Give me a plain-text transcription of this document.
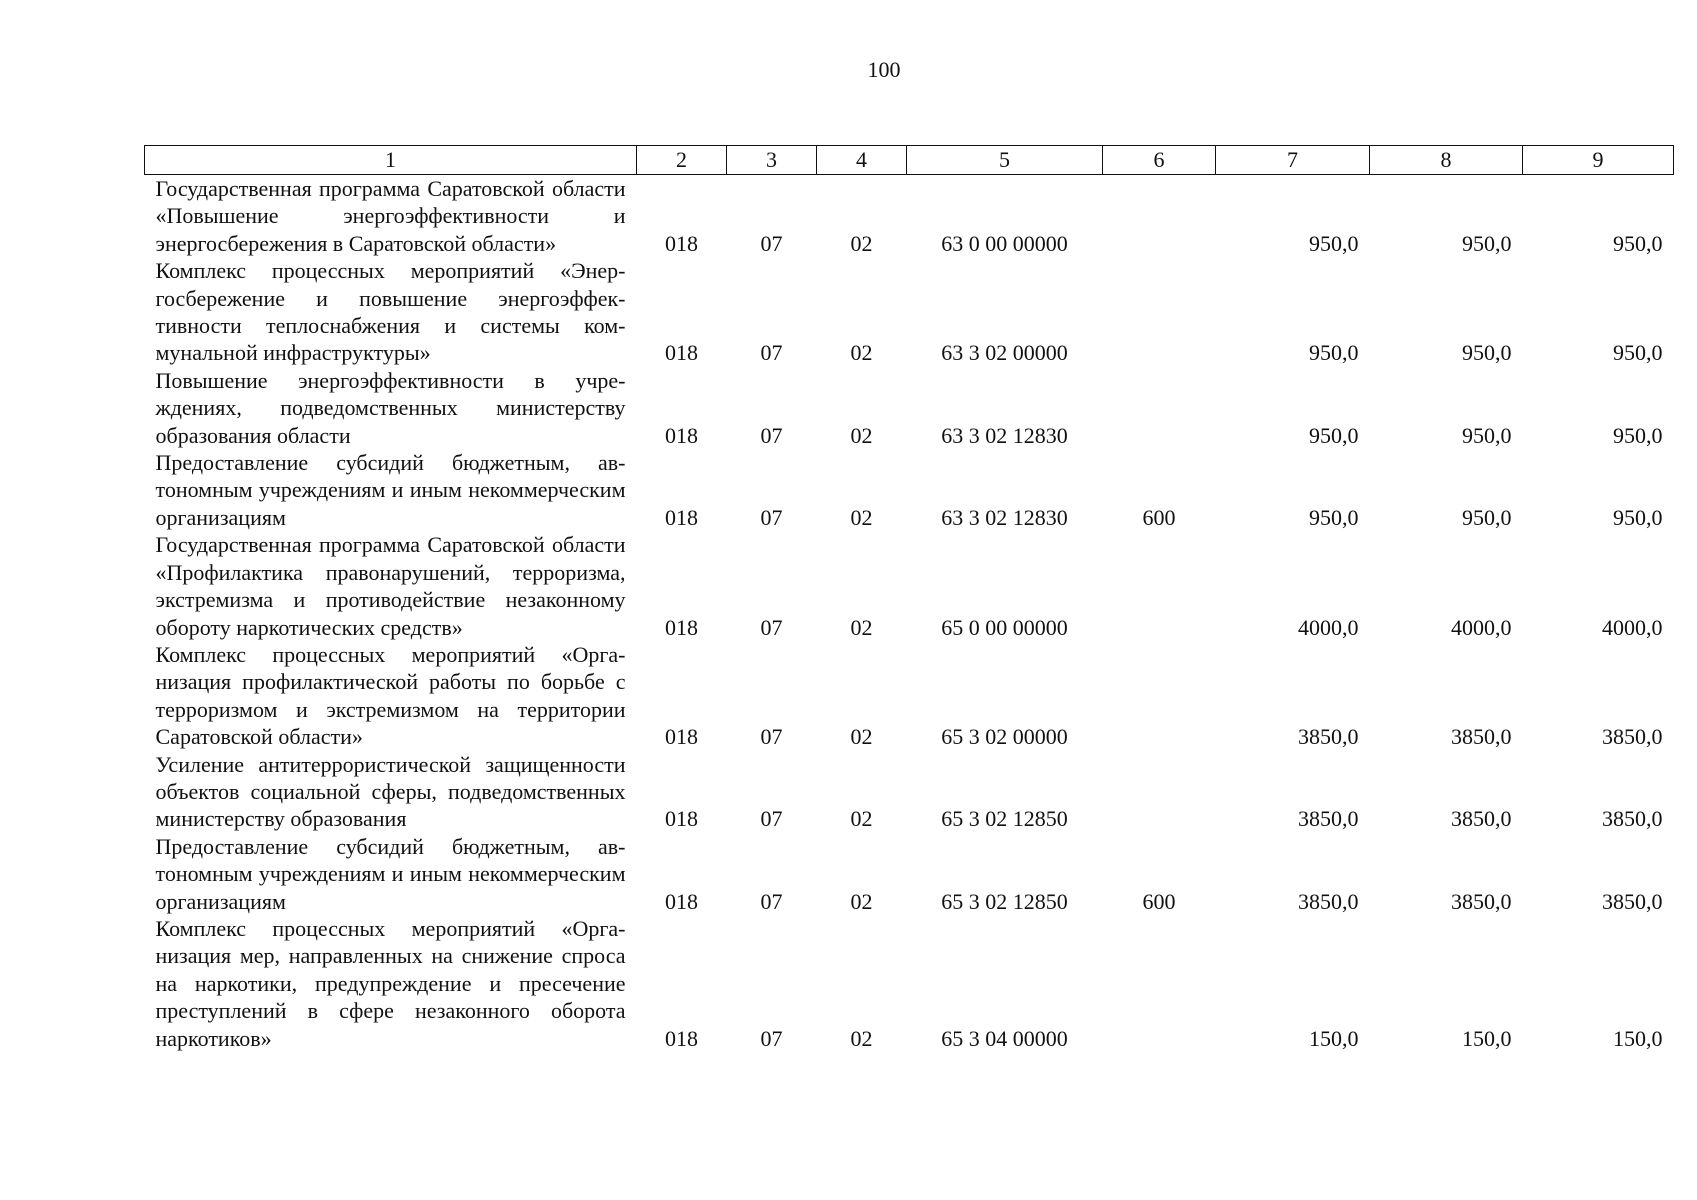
100
1	2	3	4	5	6	7	8	9
Государственная программа Саратовской области «Повышение энергоэффективности и энергосбережения в Саратовской области»	018	07	02	63 0 00 00000		950,0	950,0	950,0
Комплекс процессных мероприятий «Энергосбережение и повышение энергоэффективности теплоснабжения и системы коммунальной инфраструктуры»	018	07	02	63 3 02 00000		950,0	950,0	950,0
Повышение энергоэффективности в учреждениях, подведомственных министерству образования области	018	07	02	63 3 02 12830		950,0	950,0	950,0
Предоставление субсидий бюджетным, автономным учреждениям и иным некоммерческим организациям	018	07	02	63 3 02 12830	600	950,0	950,0	950,0
Государственная программа Саратовской области «Профилактика правонарушений, терроризма, экстремизма и противодействие незаконному обороту наркотических средств»	018	07	02	65 0 00 00000		4000,0	4000,0	4000,0
Комплекс процессных мероприятий «Организация профилактической работы по борьбе с терроризмом и экстремизмом на территории Саратовской области»	018	07	02	65 3 02 00000		3850,0	3850,0	3850,0
Усиление антитеррористической защищенности объектов социальной сферы, подведомственных министерству образования	018	07	02	65 3 02 12850		3850,0	3850,0	3850,0
Предоставление субсидий бюджетным, автономным учреждениям и иным некоммерческим организациям	018	07	02	65 3 02 12850	600	3850,0	3850,0	3850,0
Комплекс процессных мероприятий «Организация мер, направленных на снижение спроса на наркотики, предупреждение и пресечение преступлений в сфере незаконного оборота наркотиков»	018	07	02	65 3 04 00000		150,0	150,0	150,0
